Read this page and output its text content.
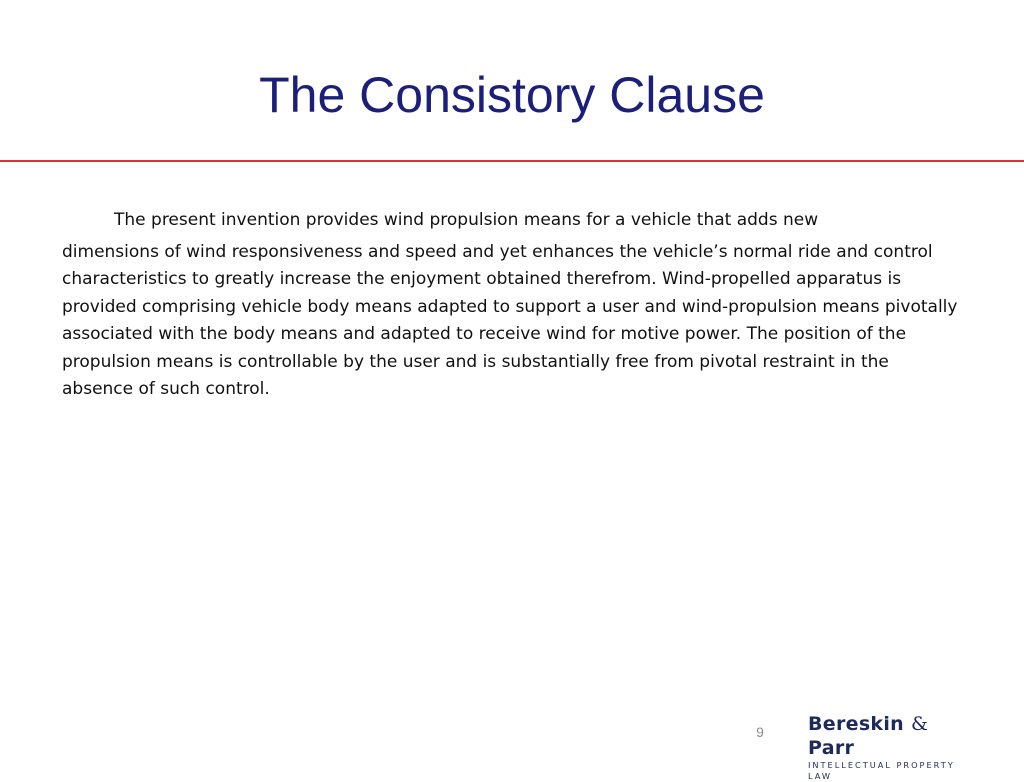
The Consistory Clause

The present invention provides wind propulsion means for a vehicle that adds new
dimensions of wind responsiveness and speed and yet enhances the vehicle’s normal ride and control characteristics to greatly increase the enjoyment obtained therefrom. Wind-propelled apparatus is provided comprising vehicle body means adapted to support a user and wind-propulsion means pivotally associated with the body means and adapted to receive wind for motive power. The position of the propulsion means is controllable by the user and is substantially free from pivotal restraint in the absence of such control.

9	Bereskin & Parr
INTELLECTUAL PROPERTY LAW
